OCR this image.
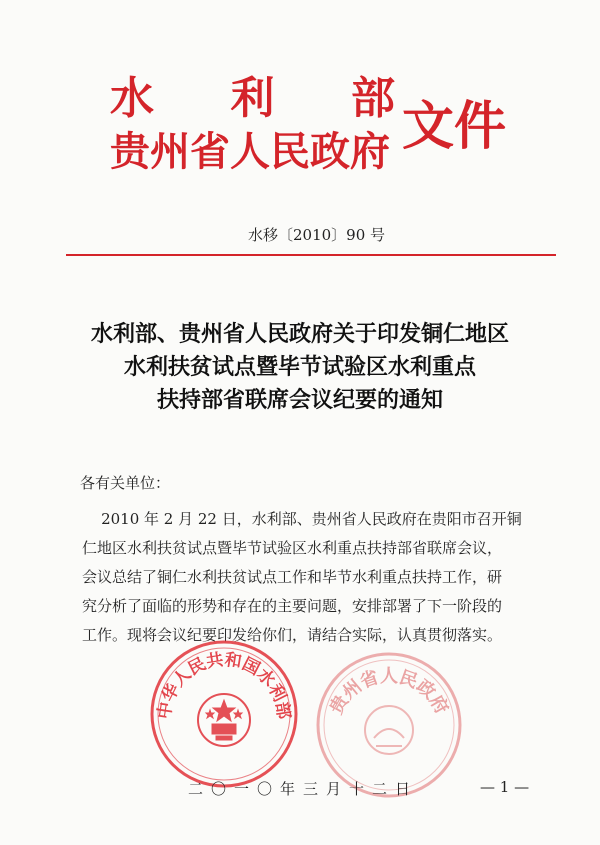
水 利 部
贵州省人民政府 文件
水移〔2010〕90 号
水利部、贵州省人民政府关于印发铜仁地区
水利扶贫试点暨毕节试验区水利重点
扶持部省联席会议纪要的通知
各有关单位：
2010 年 2 月 22 日，水利部、贵州省人民政府在贵阳市召开铜
仁地区水利扶贫试点暨毕节试验区水利重点扶持部省联席会议，
会议总结了铜仁水利扶贫试点工作和毕节水利重点扶持工作，研
究分析了面临的形势和存在的主要问题，安排部署了下一阶段的
工作。现将会议纪要印发给你们，请结合实际，认真贯彻落实。
中华人民共和国水利部 贵州省人民政府
二〇一〇年三月十二日	— 1 —
